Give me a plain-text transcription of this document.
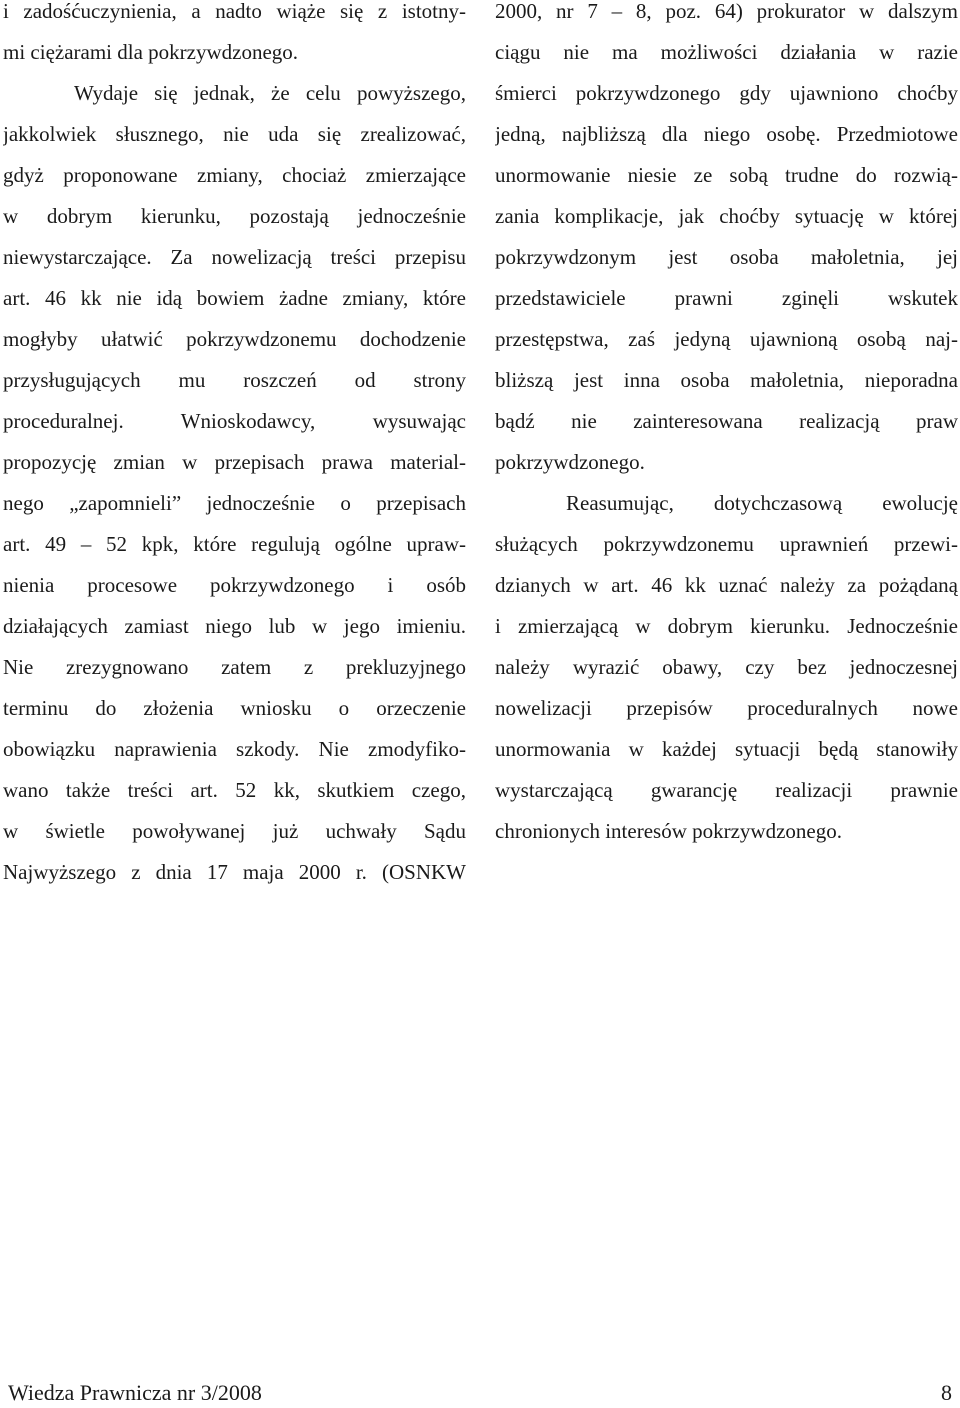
i zadośćuczynienia, a nadto wiąże się z istotny-
mi ciężarami dla pokrzywdzonego.
Wydaje się jednak, że celu powyższego,
jakkolwiek słusznego, nie uda się zrealizować,
gdyż proponowane zmiany, chociaż zmierzające
w dobrym kierunku, pozostają jednocześnie
niewystarczające. Za nowelizacją treści przepisu
art. 46 kk nie idą bowiem żadne zmiany, które
mogłyby ułatwić pokrzywdzonemu dochodzenie
przysługujących mu roszczeń od strony
proceduralnej. Wnioskodawcy, wysuwając
propozycję zmian w przepisach prawa material-
nego „zapomnieli” jednocześnie o przepisach
art. 49 – 52 kpk, które regulują ogólne upraw-
nienia procesowe pokrzywdzonego i osób
działających zamiast niego lub w jego imieniu.
Nie zrezygnowano zatem z prekluzyjnego
terminu do złożenia wniosku o orzeczenie
obowiązku naprawienia szkody. Nie zmodyfiko-
wano także treści art. 52 kk, skutkiem czego,
w świetle powoływanej już uchwały Sądu
Najwyższego z dnia 17 maja 2000 r. (OSNKW
2000, nr 7 – 8, poz. 64) prokurator w dalszym
ciągu nie ma możliwości działania w razie
śmierci pokrzywdzonego gdy ujawniono choćby
jedną, najbliższą dla niego osobę. Przedmiotowe
unormowanie niesie ze sobą trudne do rozwią-
zania komplikacje, jak choćby sytuację w której
pokrzywdzonym jest osoba małoletnia, jej
przedstawiciele prawni zginęli wskutek
przestępstwa, zaś jedyną ujawnioną osobą naj-
bliższą jest inna osoba małoletnia, nieporadna
bądź nie zainteresowana realizacją praw
pokrzywdzonego.
Reasumując, dotychczasową ewolucję
służących pokrzywdzonemu uprawnień przewi-
dzianych w art. 46 kk uznać należy za pożądaną
i zmierzającą w dobrym kierunku. Jednocześnie
należy wyrazić obawy, czy bez jednoczesnej
nowelizacji przepisów proceduralnych nowe
unormowania w każdej sytuacji będą stanowiły
wystarczającą gwarancję realizacji prawnie
chronionych interesów pokrzywdzonego.
Wiedza Prawnicza nr 3/2008	8
